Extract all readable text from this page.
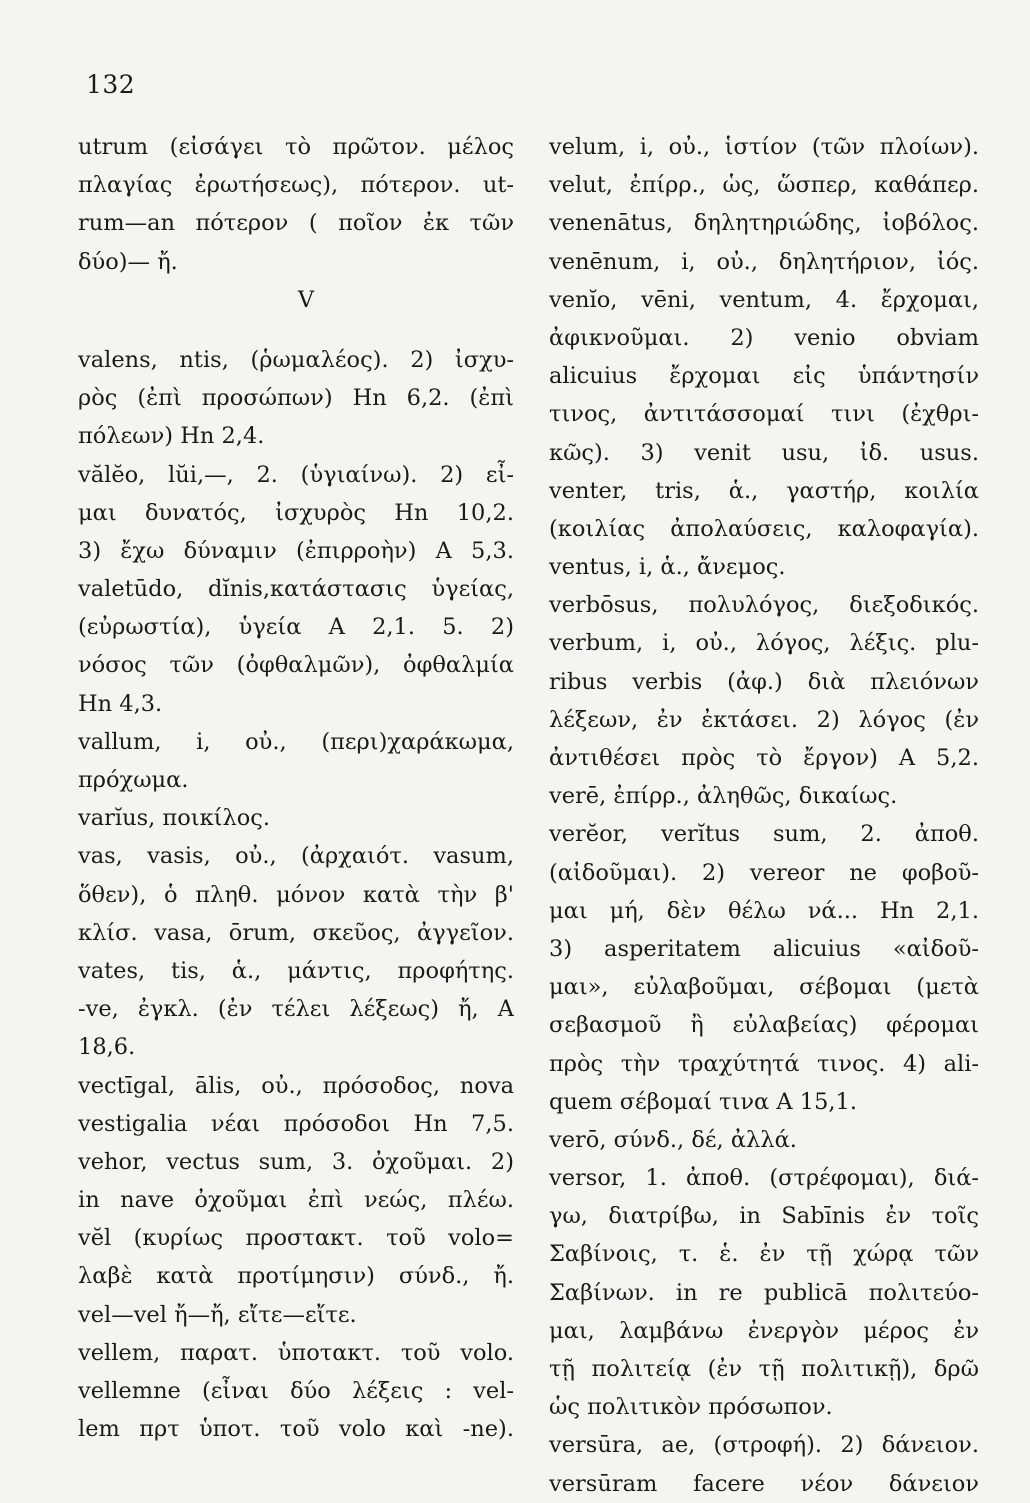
132
utrum (εἰσάγει τὸ πρῶτον. μέλος
πλαγίας ἐρωτήσεως), πότερον. ut-
rum—an πότερον ( ποῖον ἐκ τῶν
δύο)— ἤ.
V
valens, ntis, (ῥωμαλέος). 2) ἰσχυ-
ρὸς (ἐπὶ προσώπων) Hn 6,2. (ἐπὶ
πόλεων) Hn 2,4.
vălĕo, lŭi,—, 2. (ὑγιαίνω). 2) εἶ-
μαι δυνατός, ἰσχυρὸς Hn 10,2.
3) ἔχω δύναμιν (ἐπιρροὴν) A 5,3.
valetūdo, dĭnis,κατάστασις ὑγείας,
(εὐρωστία), ὑγεία A 2,1. 5. 2)
νόσος τῶν (ὀφθαλμῶν), ὀφθαλμία
Hn 4,3.
vallum, i, οὐ., (περι)χαράκωμα,
πρόχωμα.
varĭus, ποικίλος.
vas, vasis, οὐ., (ἀρχαιότ. vasum,
ὅθεν), ὁ πληθ. μόνον κατὰ τὴν β'
κλίσ. vasa, ōrum, σκεῦος, ἀγγεῖον.
vates, tis, ἁ., μάντις, προφήτης.
-ve, ἐγκλ. (ἐν τέλει λέξεως) ἤ, A
18,6.
vectīgal, ālis, οὐ., πρόσοδος, nova
vestigalia νέαι πρόσοδοι Hn 7,5.
vehor, vectus sum, 3. ὀχοῦμαι. 2)
in nave ὀχοῦμαι ἐπὶ νεώς, πλέω.
vĕl (κυρίως προστακτ. τοῦ volo=
λαβὲ κατὰ προτίμησιν) σύνδ., ἤ.
vel—vel ἤ—ἤ, εἴτε—εἴτε.
vellem, παρατ. ὑποτακτ. τοῦ volo.
vellemne (εἶναι δύο λέξεις : vel-
lem πρτ ὑποτ. τοῦ volo καὶ -ne).
velum, i, οὐ., ἱστίον (τῶν πλοίων).
velut, ἐπίρρ., ὡς, ὥσπερ, καθάπερ.
venenātus, δηλητηριώδης, ἰοβόλος.
venēnum, i, οὐ., δηλητήριον, ἰός.
venĭo, vēni, ventum, 4. ἔρχομαι,
ἀφικνοῦμαι. 2) venio obviam
alicuius ἔρχομαι εἰς ὑπάντησίν
τινος, ἀντιτάσσομαί τινι (ἐχθρι-
κῶς). 3) venit usu, ἰδ. usus.
venter, tris, ἁ., γαστήρ, κοιλία
(κοιλίας ἀπολαύσεις, καλοφαγία).
ventus, i, ἁ., ἄνεμος.
verbōsus, πολυλόγος, διεξοδικός.
verbum, i, οὐ., λόγος, λέξις. plu-
ribus verbis (ἀφ.) διὰ πλειόνων
λέξεων, ἐν ἐκτάσει. 2) λόγος (ἐν
ἀντιθέσει πρὸς τὸ ἔργον) A 5,2.
verē, ἐπίρρ., ἀληθῶς, δικαίως.
verĕor, verĭtus sum, 2. ἀποθ.
(αἰδοῦμαι). 2) vereor ne φοβοῦ-
μαι μή, δὲν θέλω νά... Hn 2,1.
3) asperitatem alicuius «αἰδοῦ-
μαι», εὐλαβοῦμαι, σέβομαι (μετὰ
σεβασμοῦ ἢ εὐλαβείας) φέρομαι
πρὸς τὴν τραχύτητά τινος. 4) ali-
quem σέβομαί τινα A 15,1.
verō, σύνδ., δέ, ἀλλά.
versor, 1. ἀποθ. (στρέφομαι), διά-
γω, διατρίβω, in Sabīnis ἐν τοῖς
Σαβίνοις, τ. ἑ. ἐν τῇ χώρᾳ τῶν
Σαβίνων. in re publicā πολιτεύο-
μαι, λαμβάνω ἐνεργὸν μέρος ἐν
τῇ πολιτείᾳ (ἐν τῇ πολιτικῇ), δρῶ
ὡς πολιτικὸν πρόσωπον.
versūra, ae, (στροφή). 2) δάνειον.
versūram facere νέον δάνειον
